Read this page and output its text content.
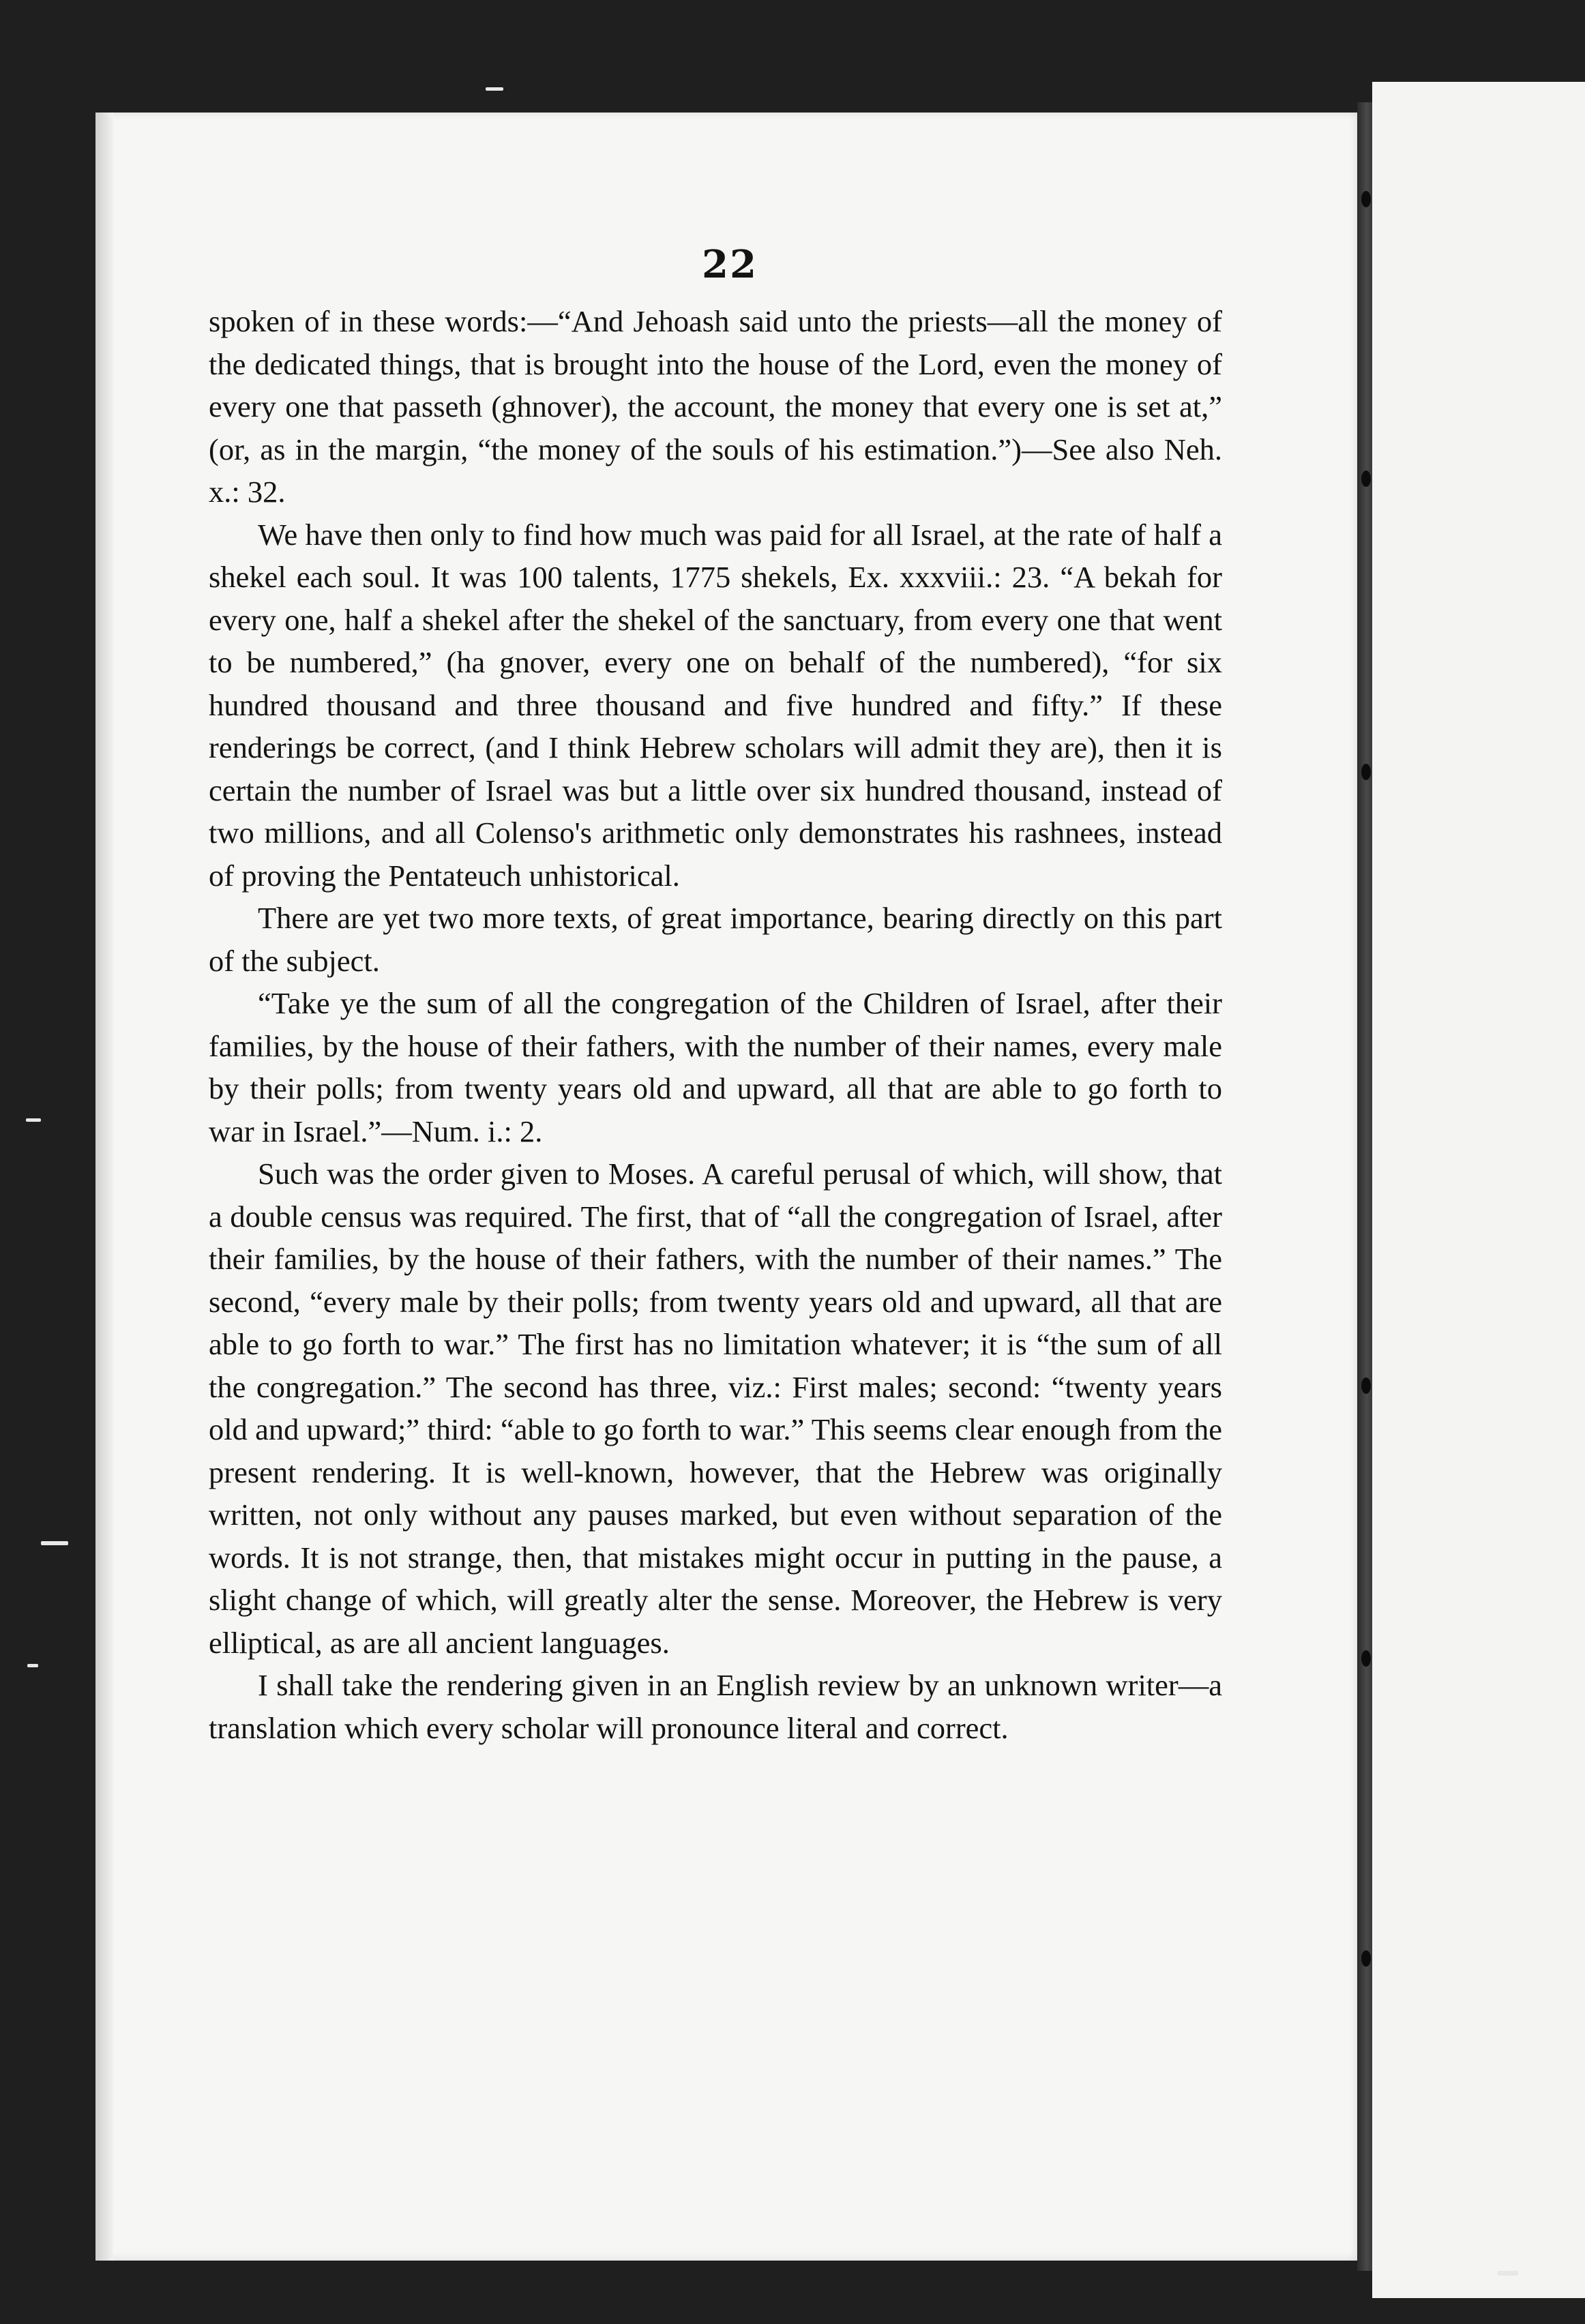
22

spoken of in these words:—“And Jehoash said unto the priests—all the money of the dedicated things, that is brought into the house of the Lord, even the money of every one that passeth (ghnover), the account, the money that every one is set at,” (or, as in the margin, “the money of the souls of his estimation.”)—See also Neh. x.: 32.

We have then only to find how much was paid for all Israel, at the rate of half a shekel each soul. It was 100 talents, 1775 shekels, Ex. xxxviii.: 23. “A bekah for every one, half a shekel after the shekel of the sanctuary, from every one that went to be numbered,” (ha gnover, every one on behalf of the numbered), “for six hundred thousand and three thousand and five hundred and fifty.” If these renderings be correct, (and I think Hebrew scholars will admit they are), then it is certain the number of Israel was but a little over six hundred thousand, instead of two millions, and all Colenso's arithmetic only demonstrates his rashnees, instead of proving the Pentateuch unhistorical.

There are yet two more texts, of great importance, bearing directly on this part of the subject.

“Take ye the sum of all the congregation of the Children of Israel, after their families, by the house of their fathers, with the number of their names, every male by their polls; from twenty years old and upward, all that are able to go forth to war in Israel.”—Num. i.: 2.

Such was the order given to Moses. A careful perusal of which, will show, that a double census was required. The first, that of “all the congregation of Israel, after their families, by the house of their fathers, with the number of their names.” The second, “every male by their polls; from twenty years old and upward, all that are able to go forth to war.” The first has no limitation whatever; it is “the sum of all the congregation.” The second has three, viz.: First males; second: “twenty years old and upward;” third: “able to go forth to war.” This seems clear enough from the present rendering. It is well-known, however, that the Hebrew was originally written, not only without any pauses marked, but even without separation of the words. It is not strange, then, that mistakes might occur in putting in the pause, a slight change of which, will greatly alter the sense. Moreover, the Hebrew is very elliptical, as are all ancient languages.

I shall take the rendering given in an English review by an unknown writer—a translation which every scholar will pronounce literal and correct.
